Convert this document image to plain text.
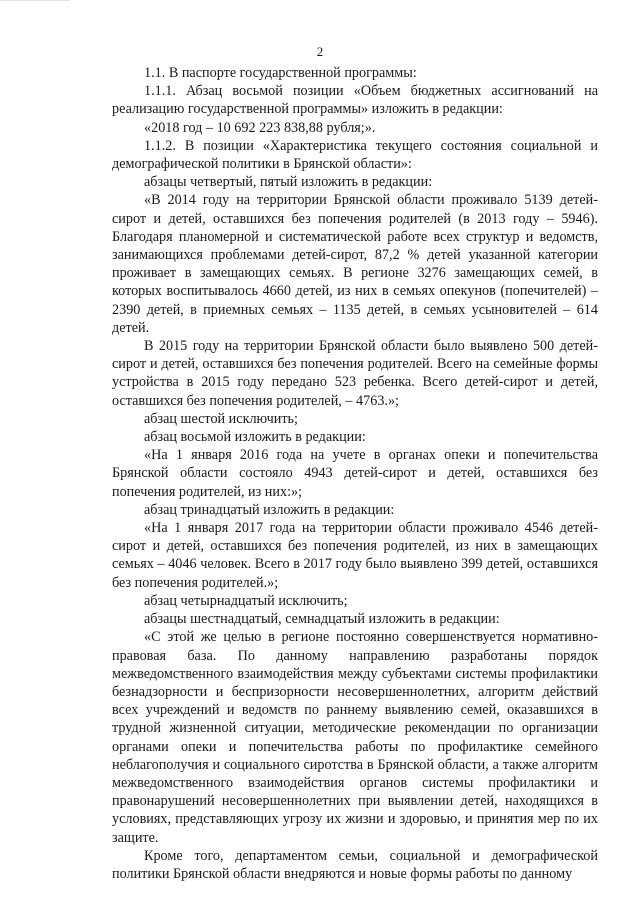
2

1.1. В паспорте государственной программы:

1.1.1. Абзац восьмой позиции «Объем бюджетных ассигнований на реализацию государственной программы» изложить в редакции:

«2018 год – 10 692 223 838,88 рубля;».

1.1.2. В позиции «Характеристика текущего состояния социальной и демографической политики в Брянской области»:

абзацы четвертый, пятый изложить в редакции:

«В 2014 году на территории Брянской области проживало 5139 детей-сирот и детей, оставшихся без попечения родителей (в 2013 году – 5946). Благодаря планомерной и систематической работе всех структур и ведомств, занимающихся проблемами детей-сирот, 87,2 % детей указанной категории проживает в замещающих семьях. В регионе 3276 замещающих семей, в которых воспитывалось 4660 детей, из них в семьях опекунов (попечителей) – 2390 детей, в приемных семьях – 1135 детей, в семьях усыновителей – 614 детей.

В 2015 году на территории Брянской области было выявлено 500 детей-сирот и детей, оставшихся без попечения родителей. Всего на семейные формы устройства в 2015 году передано 523 ребенка. Всего детей-сирот и детей, оставшихся без попечения родителей, – 4763.»;

абзац шестой исключить;

абзац восьмой изложить в редакции:

«На 1 января 2016 года на учете в органах опеки и попечительства Брянской области состояло 4943 детей-сирот и детей, оставшихся без попечения родителей, из них:»;

абзац тринадцатый изложить в редакции:

«На 1 января 2017 года на территории области проживало 4546 детей-сирот и детей, оставшихся без попечения родителей, из них в замещающих семьях – 4046 человек. Всего в 2017 году было выявлено 399 детей, оставшихся без попечения родителей.»;

абзац четырнадцатый исключить;

абзацы шестнадцатый, семнадцатый изложить в редакции:

«С этой же целью в регионе постоянно совершенствуется нормативно-правовая база. По данному направлению разработаны порядок межведомственного взаимодействия между субъектами системы профилактики безнадзорности и беспризорности несовершеннолетних, алгоритм действий всех учреждений и ведомств по раннему выявлению семей, оказавшихся в трудной жизненной ситуации, методические рекомендации по организации органами опеки и попечительства работы по профилактике семейного неблагополучия и социального сиротства в Брянской области, а также алгоритм межведомственного взаимодействия органов системы профилактики и правонарушений несовершеннолетних при выявлении детей, находящихся в условиях, представляющих угрозу их жизни и здоровью, и принятия мер по их защите.

Кроме того, департаментом семьи, социальной и демографической политики Брянской области внедряются и новые формы работы по данному
